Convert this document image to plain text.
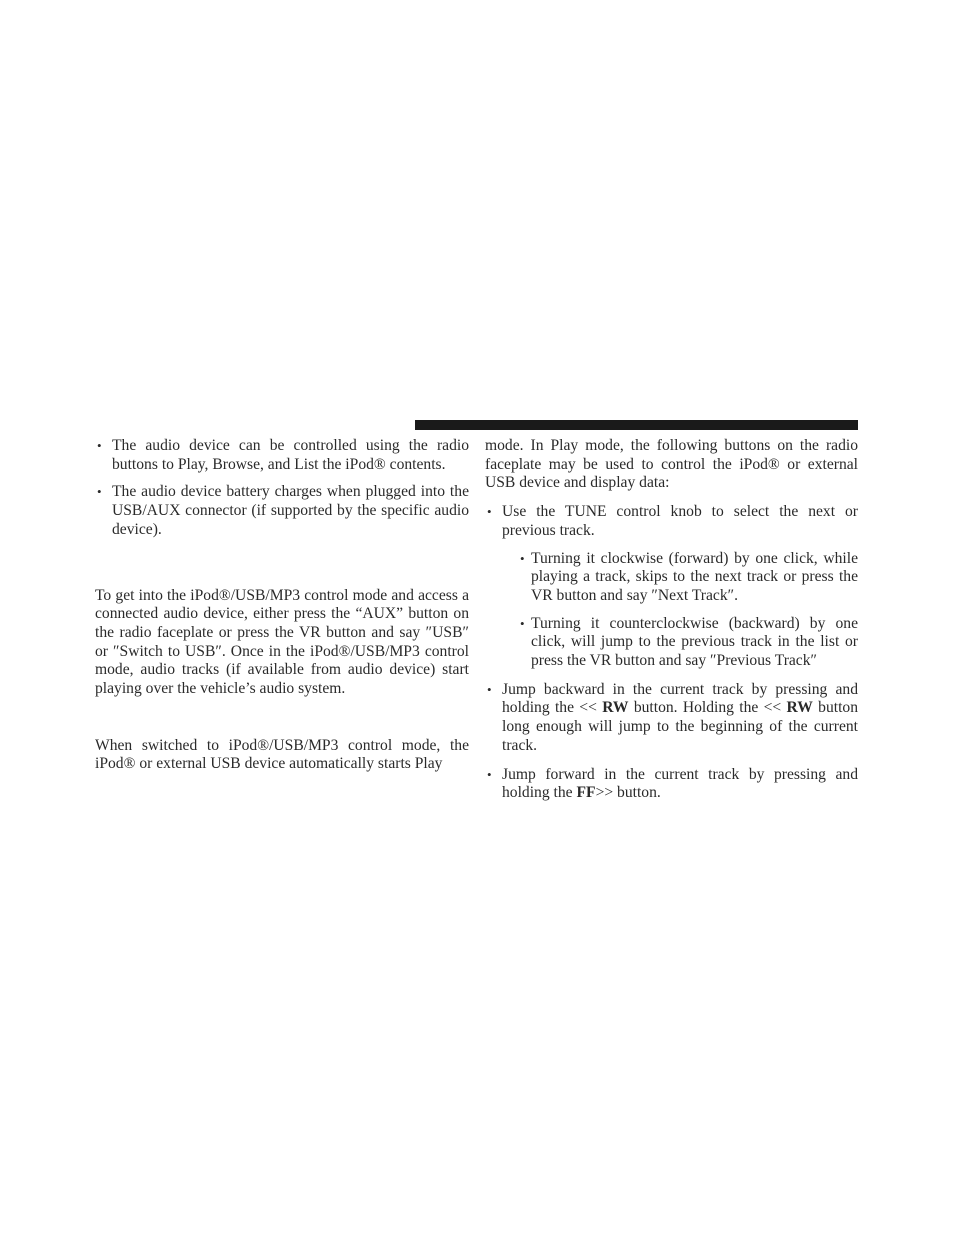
• The audio device can be controlled using the radio buttons to Play, Browse, and List the iPod® contents.
• The audio device battery charges when plugged into the USB/AUX connector (if supported by the specific audio device).

To get into the iPod®/USB/MP3 control mode and access a connected audio device, either press the “AUX” button on the radio faceplate or press the VR button and say ″USB″ or ″Switch to USB″. Once in the iPod®/USB/MP3 control mode, audio tracks (if available from audio device) start playing over the vehicle’s audio system.

When switched to iPod®/USB/MP3 control mode, the iPod® or external USB device automatically starts Play

mode. In Play mode, the following buttons on the radio faceplate may be used to control the iPod® or external USB device and display data:

• Use the TUNE control knob to select the next or previous track.
• Turning it clockwise (forward) by one click, while playing a track, skips to the next track or press the VR button and say ″Next Track″.
• Turning it counterclockwise (backward) by one click, will jump to the previous track in the list or press the VR button and say ″Previous Track″
• Jump backward in the current track by pressing and holding the << RW button. Holding the << RW button long enough will jump to the beginning of the current track.
• Jump forward in the current track by pressing and holding the FF>> button.
